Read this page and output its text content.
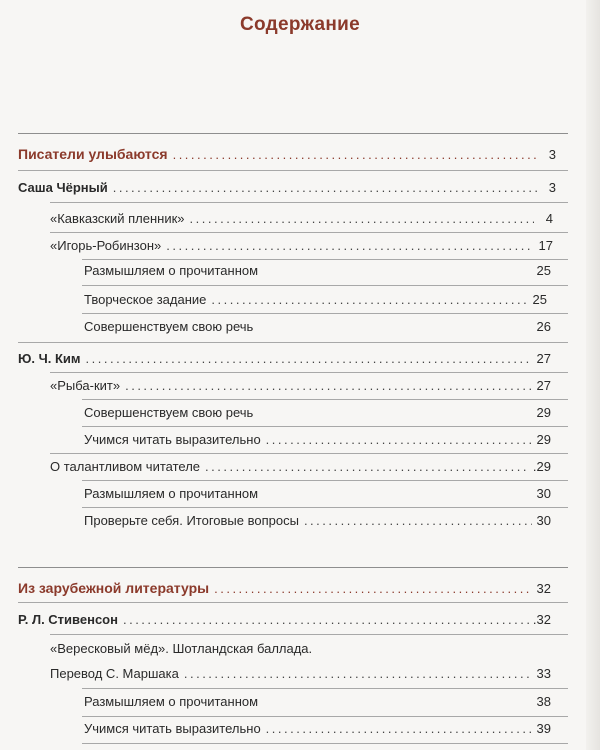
Содержание
Писатели улыбаются .....	3
Саша Чёрный .....	3
«Кавказский пленник» .....	4
«Игорь-Робинзон» .....	17
Размышляем о прочитанном	25
Творческое задание .....	25
Совершенствуем свою речь	26
Ю. Ч. Ким .....	27
«Рыба-кит» .....	27
Совершенствуем свою речь	29
Учимся читать выразительно .....	29
О талантливом читателе .....	.29
Размышляем о прочитанном	30
Проверьте себя. Итоговые вопросы .....	30
Из зарубежной литературы .....	32
Р. Л. Стивенсон .....	.32
«Вересковый мёд». Шотландская баллада.
Перевод С. Маршака .....	33
Размышляем о прочитанном	38
Учимся читать выразительно .....	39
